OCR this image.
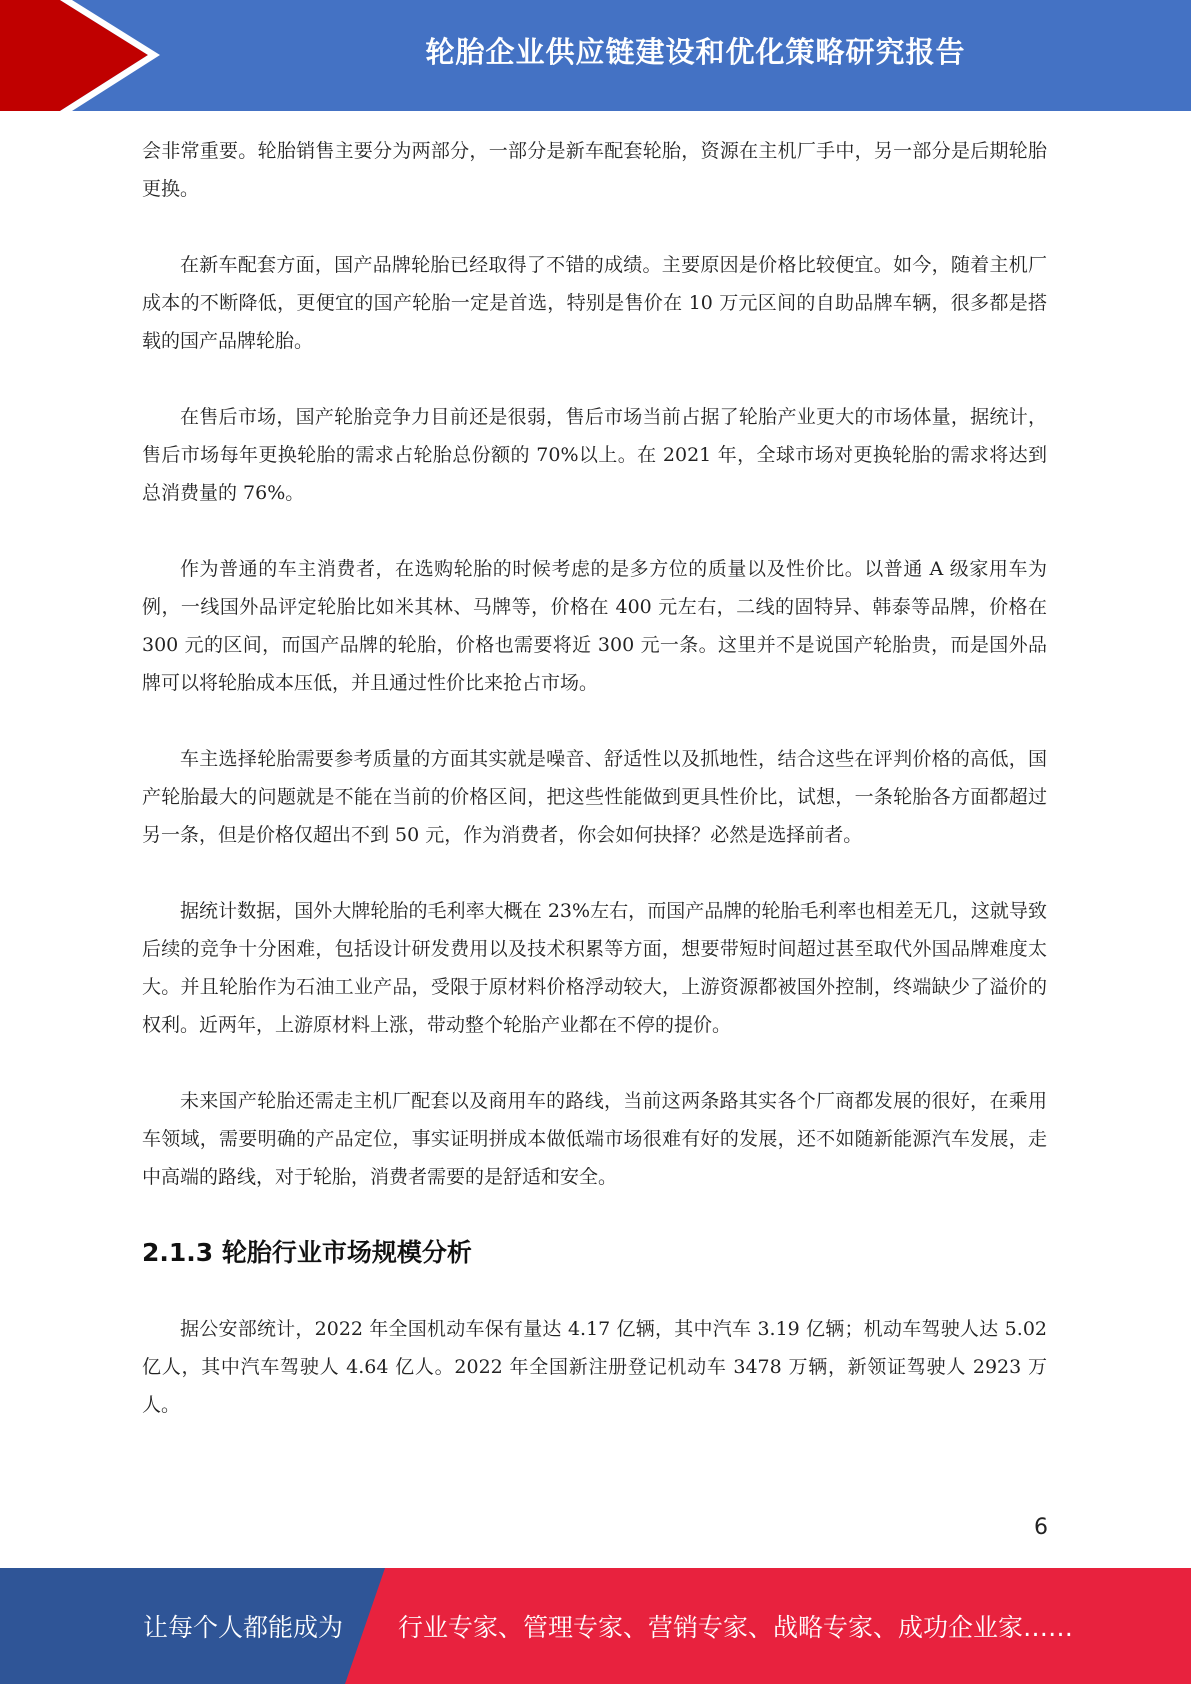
轮胎企业供应链建设和优化策略研究报告

会非常重要。轮胎销售主要分为两部分，一部分是新车配套轮胎，资源在主机厂手中，另一部分是后期轮胎更换。

在新车配套方面，国产品牌轮胎已经取得了不错的成绩。主要原因是价格比较便宜。如今，随着主机厂成本的不断降低，更便宜的国产轮胎一定是首选，特别是售价在 10 万元区间的自助品牌车辆，很多都是搭载的国产品牌轮胎。

在售后市场，国产轮胎竞争力目前还是很弱，售后市场当前占据了轮胎产业更大的市场体量，据统计，售后市场每年更换轮胎的需求占轮胎总份额的 70%以上。在 2021 年，全球市场对更换轮胎的需求将达到总消费量的 76%。

作为普通的车主消费者，在选购轮胎的时候考虑的是多方位的质量以及性价比。以普通 A 级家用车为例，一线国外品评定轮胎比如米其林、马牌等，价格在 400 元左右，二线的固特异、韩泰等品牌，价格在 300 元的区间，而国产品牌的轮胎，价格也需要将近 300 元一条。这里并不是说国产轮胎贵，而是国外品牌可以将轮胎成本压低，并且通过性价比来抢占市场。

车主选择轮胎需要参考质量的方面其实就是噪音、舒适性以及抓地性，结合这些在评判价格的高低，国产轮胎最大的问题就是不能在当前的价格区间，把这些性能做到更具性价比，试想，一条轮胎各方面都超过另一条，但是价格仅超出不到 50 元，作为消费者，你会如何抉择？必然是选择前者。

据统计数据，国外大牌轮胎的毛利率大概在 23%左右，而国产品牌的轮胎毛利率也相差无几，这就导致后续的竞争十分困难，包括设计研发费用以及技术积累等方面，想要带短时间超过甚至取代外国品牌难度太大。并且轮胎作为石油工业产品，受限于原材料价格浮动较大，上游资源都被国外控制，终端缺少了溢价的权利。近两年，上游原材料上涨，带动整个轮胎产业都在不停的提价。

未来国产轮胎还需走主机厂配套以及商用车的路线，当前这两条路其实各个厂商都发展的很好，在乘用车领域，需要明确的产品定位，事实证明拼成本做低端市场很难有好的发展，还不如随新能源汽车发展，走中高端的路线，对于轮胎，消费者需要的是舒适和安全。

2.1.3 轮胎行业市场规模分析

据公安部统计，2022 年全国机动车保有量达 4.17 亿辆，其中汽车 3.19 亿辆；机动车驾驶人达 5.02 亿人，其中汽车驾驶人 4.64 亿人。2022 年全国新注册登记机动车 3478 万辆，新领证驾驶人 2923 万人。

6
让每个人都能成为 行业专家、管理专家、营销专家、战略专家、成功企业家……
